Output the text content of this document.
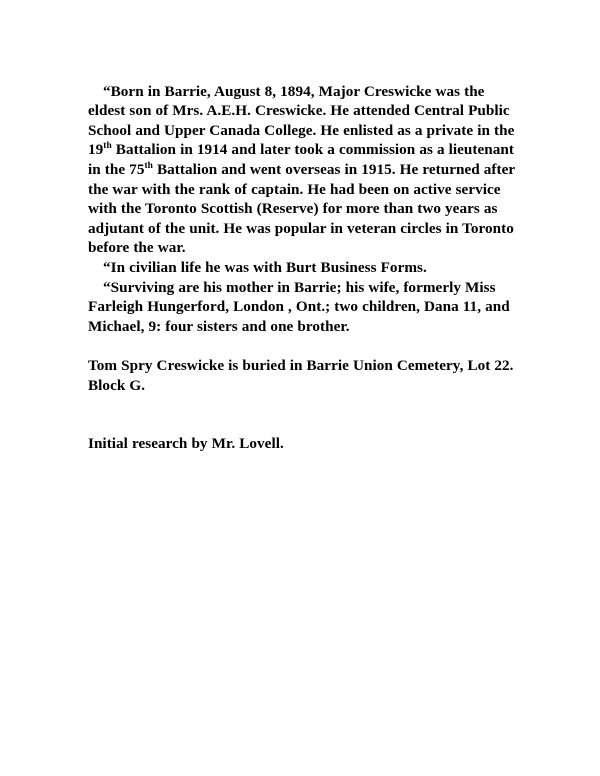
“Born in Barrie, August 8, 1894, Major Creswicke was the eldest son of Mrs. A.E.H. Creswicke. He attended Central Public School and Upper Canada College. He enlisted as a private in the 19th Battalion in 1914 and later took a commission as a lieutenant in the 75th Battalion and went overseas in 1915. He returned after the war with the rank of captain. He had been on active service with the Toronto Scottish (Reserve) for more than two years as adjutant of the unit. He was popular in veteran circles in Toronto before the war.

“In civilian life he was with Burt Business Forms.

“Surviving are his mother in Barrie; his wife, formerly Miss Farleigh Hungerford, London , Ont.; two children, Dana 11, and Michael, 9: four sisters and one brother.

Tom Spry Creswicke is buried in Barrie Union Cemetery, Lot 22. Block G.

Initial research by Mr. Lovell.
